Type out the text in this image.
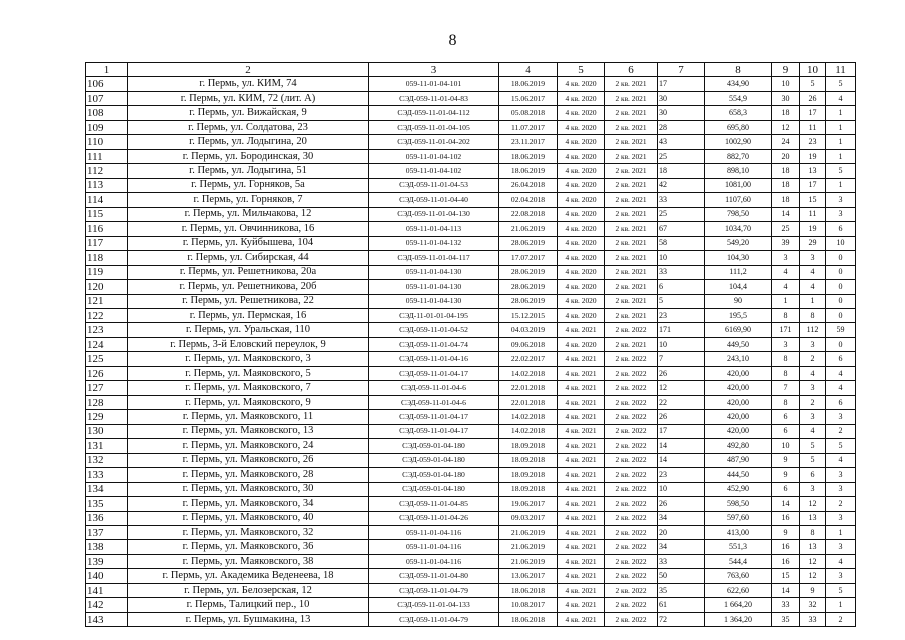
8
1	2	3	4	5	6	7	8	9	10	11
106	г. Пермь, ул. КИМ, 74	059-11-01-04-101	18.06.2019	4 кв. 2020	2 кв. 2021	17	434,90	10	5	5
107	г. Пермь, ул. КИМ, 72 (лит. А)	СЭД-059-11-01-04-83	15.06.2017	4 кв. 2020	2 кв. 2021	30	554,9	30	26	4
108	г. Пермь, ул. Вижайская, 9	СЭД-059-11-01-04-112	05.08.2018	4 кв. 2020	2 кв. 2021	30	658,3	18	17	1
109	г. Пермь, ул. Солдатова, 23	СЭД-059-11-01-04-105	11.07.2017	4 кв. 2020	2 кв. 2021	28	695,80	12	11	1
110	г. Пермь, ул. Лодыгина, 20	СЭД-059-11-01-04-202	23.11.2017	4 кв. 2020	2 кв. 2021	43	1002,90	24	23	1
111	г. Пермь, ул. Бородинская, 30	059-11-01-04-102	18.06.2019	4 кв. 2020	2 кв. 2021	25	882,70	20	19	1
112	г. Пермь, ул. Лодыгина, 51	059-11-01-04-102	18.06.2019	4 кв. 2020	2 кв. 2021	18	898,10	18	13	5
113	г. Пермь, ул. Горняков, 5а	СЭД-059-11-01-04-53	26.04.2018	4 кв. 2020	2 кв. 2021	42	1081,00	18	17	1
114	г. Пермь, ул. Горняков, 7	СЭД-059-11-01-04-40	02.04.2018	4 кв. 2020	2 кв. 2021	33	1107,60	18	15	3
115	г. Пермь, ул. Мильчакова, 12	СЭД-059-11-01-04-130	22.08.2018	4 кв. 2020	2 кв. 2021	25	798,50	14	11	3
116	г. Пермь, ул. Овчинникова, 16	059-11-01-04-113	21.06.2019	4 кв. 2020	2 кв. 2021	67	1034,70	25	19	6
117	г. Пермь, ул. Куйбышева, 104	059-11-01-04-132	28.06.2019	4 кв. 2020	2 кв. 2021	58	549,20	39	29	10
118	г. Пермь, ул. Сибирская, 44	СЭД-059-11-01-04-117	17.07.2017	4 кв. 2020	2 кв. 2021	10	104,30	3	3	0
119	г. Пермь, ул. Решетникова, 20а	059-11-01-04-130	28.06.2019	4 кв. 2020	2 кв. 2021	33	111,2	4	4	0
120	г. Пермь, ул. Решетникова, 20б	059-11-01-04-130	28.06.2019	4 кв. 2020	2 кв. 2021	6	104,4	4	4	0
121	г. Пермь, ул. Решетникова, 22	059-11-01-04-130	28.06.2019	4 кв. 2020	2 кв. 2021	5	90	1	1	0
122	г. Пермь, ул. Пермская, 16	СЭД-11-01-01-04-195	15.12.2015	4 кв. 2020	2 кв. 2021	23	195,5	8	8	0
123	г. Пермь, ул. Уральская, 110	СЭД-059-11-01-04-52	04.03.2019	4 кв. 2021	2 кв. 2022	171	6169,90	171	112	59
124	г. Пермь, 3-й Еловский переулок, 9	СЭД-059-11-01-04-74	09.06.2018	4 кв. 2020	2 кв. 2021	10	449,50	3	3	0
125	г. Пермь, ул. Маяковского, 3	СЭД-059-11-01-04-16	22.02.2017	4 кв. 2021	2 кв. 2022	7	243,10	8	2	6
126	г. Пермь, ул. Маяковского, 5	СЭД-059-11-01-04-17	14.02.2018	4 кв. 2021	2 кв. 2022	26	420,00	8	4	4
127	г. Пермь, ул. Маяковского, 7	СЭД-059-11-01-04-6	22.01.2018	4 кв. 2021	2 кв. 2022	12	420,00	7	3	4
128	г. Пермь, ул. Маяковского, 9	СЭД-059-11-01-04-6	22.01.2018	4 кв. 2021	2 кв. 2022	22	420,00	8	2	6
129	г. Пермь, ул. Маяковского, 11	СЭД-059-11-01-04-17	14.02.2018	4 кв. 2021	2 кв. 2022	26	420,00	6	3	3
130	г. Пермь, ул. Маяковского, 13	СЭД-059-11-01-04-17	14.02.2018	4 кв. 2021	2 кв. 2022	17	420,00	6	4	2
131	г. Пермь, ул. Маяковского, 24	СЭД-059-01-04-180	18.09.2018	4 кв. 2021	2 кв. 2022	14	492,80	10	5	5
132	г. Пермь, ул. Маяковского, 26	СЭД-059-01-04-180	18.09.2018	4 кв. 2021	2 кв. 2022	14	487,90	9	5	4
133	г. Пермь, ул. Маяковского, 28	СЭД-059-01-04-180	18.09.2018	4 кв. 2021	2 кв. 2022	23	444,50	9	6	3
134	г. Пермь, ул. Маяковского, 30	СЭД-059-01-04-180	18.09.2018	4 кв. 2021	2 кв. 2022	10	452,90	6	3	3
135	г. Пермь, ул. Маяковского, 34	СЭД-059-11-01-04-85	19.06.2017	4 кв. 2021	2 кв. 2022	26	598,50	14	12	2
136	г. Пермь, ул. Маяковского, 40	СЭД-059-11-01-04-26	09.03.2017	4 кв. 2021	2 кв. 2022	34	597,60	16	13	3
137	г. Пермь, ул. Маяковского, 32	059-11-01-04-116	21.06.2019	4 кв. 2021	2 кв. 2022	20	413,00	9	8	1
138	г. Пермь, ул. Маяковского, 36	059-11-01-04-116	21.06.2019	4 кв. 2021	2 кв. 2022	34	551,3	16	13	3
139	г. Пермь, ул. Маяковского, 38	059-11-01-04-116	21.06.2019	4 кв. 2021	2 кв. 2022	33	544,4	16	12	4
140	г. Пермь, ул. Академика Веденеева, 18	СЭД-059-11-01-04-80	13.06.2017	4 кв. 2021	2 кв. 2022	50	763,60	15	12	3
141	г. Пермь, ул. Белозерская, 12	СЭД-059-11-01-04-79	18.06.2018	4 кв. 2021	2 кв. 2022	35	622,60	14	9	5
142	г. Пермь, Талицкий пер., 10	СЭД-059-11-01-04-133	10.08.2017	4 кв. 2021	2 кв. 2022	61	1 664,20	33	32	1
143	г. Пермь, ул. Бушмакина, 13	СЭД-059-11-01-04-79	18.06.2018	4 кв. 2021	2 кв. 2022	72	1 364,20	35	33	2
